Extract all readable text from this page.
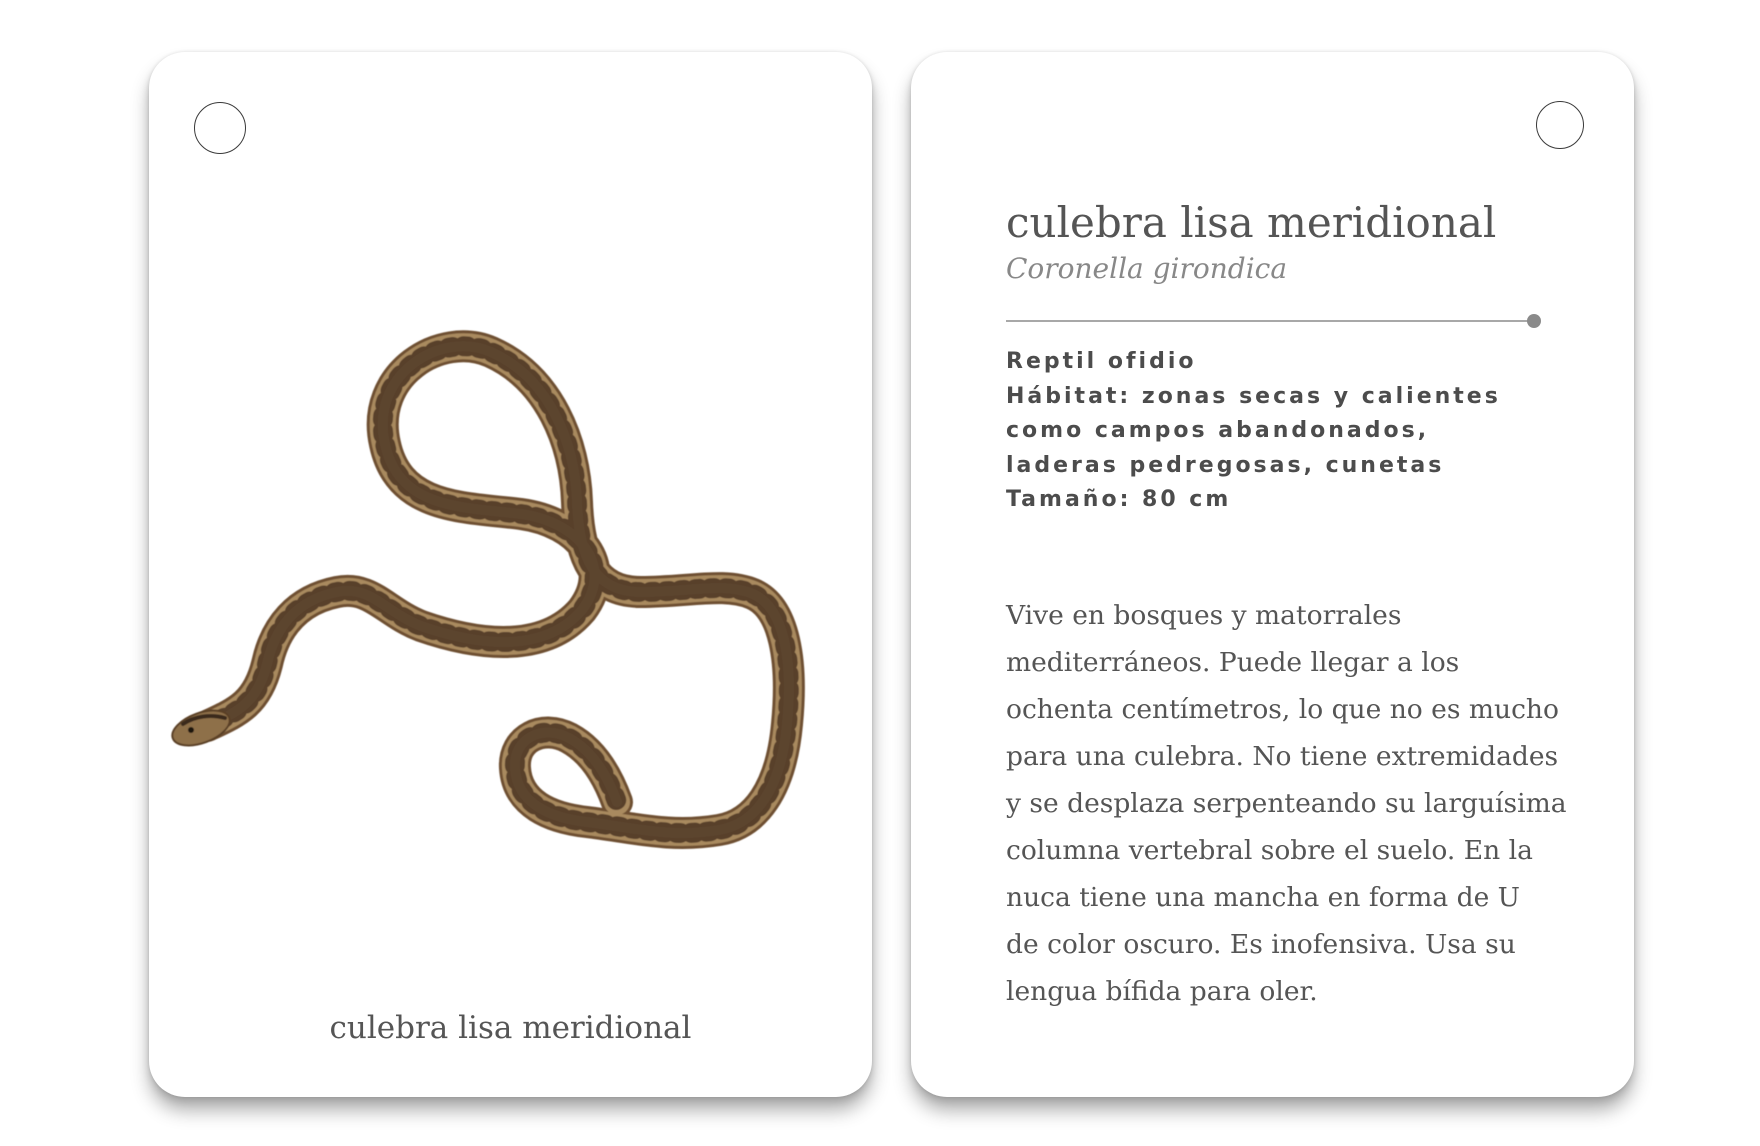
culebra lisa meridional
culebra lisa meridional
Coronella girondica
Reptil ofidio
Hábitat: zonas secas y calientes
como campos abandonados,
laderas pedregosas, cunetas
Tamaño: 80 cm
Vive en bosques y matorrales
mediterráneos. Puede llegar a los
ochenta centímetros, lo que no es mucho
para una culebra. No tiene extremidades
y se desplaza serpenteando su larguísima
columna vertebral sobre el suelo. En la
nuca tiene una mancha en forma de U
de color oscuro. Es inofensiva. Usa su
lengua bífida para oler.
